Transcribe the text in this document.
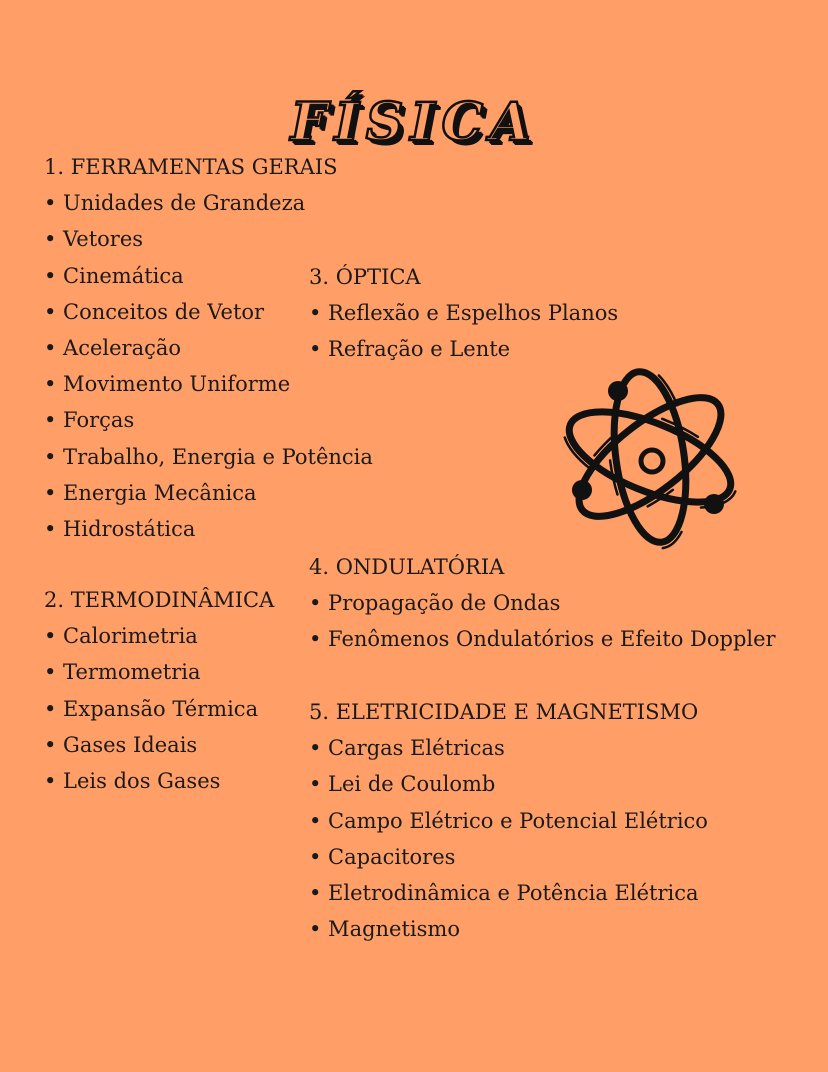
FÍSICA
1. FERRAMENTAS GERAIS
• Unidades de Grandeza
• Vetores
• Cinemática
• Conceitos de Vetor
• Aceleração
• Movimento Uniforme
• Forças
• Trabalho, Energia e Potência
• Energia Mecânica
• Hidrostática
2. TERMODINÂMICA
• Calorimetria
• Termometria
• Expansão Térmica
• Gases Ideais
• Leis dos Gases
3. ÓPTICA
• Reflexão e Espelhos Planos
• Refração e Lente
4. ONDULATÓRIA
• Propagação de Ondas
• Fenômenos Ondulatórios e Efeito Doppler
5. ELETRICIDADE E MAGNETISMO
• Cargas Elétricas
• Lei de Coulomb
• Campo Elétrico e Potencial Elétrico
• Capacitores
• Eletrodinâmica e Potência Elétrica
• Magnetismo
